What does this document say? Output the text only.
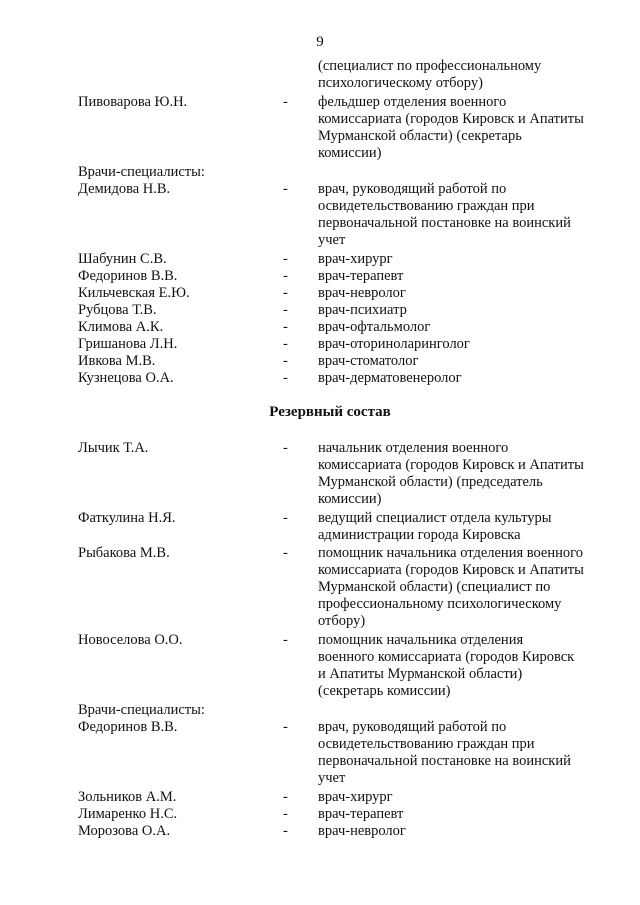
9
(специалист по профессиональному
психологическому отбору)
Пивоварова Ю.Н.	- фельдшер отделения военного
комиссариата (городов Кировск и Апатиты
Мурманской области) (секретарь
комиссии)
Врачи-специалисты:
Демидова Н.В.	- врач, руководящий работой по
освидетельствованию граждан при
первоначальной постановке на воинский
учет
Шабунин С.В.	- врач-хирург
Федоринов В.В.	- врач-терапевт
Кильчевская Е.Ю.	- врач-невролог
Рубцова Т.В.	- врач-психиатр
Климова А.К.	- врач-офтальмолог
Гришанова Л.Н.	- врач-оториноларинголог
Ивкова М.В.	- врач-стоматолог
Кузнецова О.А.	- врач-дерматовенеролог
Резервный состав
Лычик Т.А.	- начальник отделения военного
комиссариата (городов Кировск и Апатиты
Мурманской области) (председатель
комиссии)
Фаткулина Н.Я.	- ведущий специалист отдела культуры
администрации города Кировска
Рыбакова М.В.	- помощник начальника отделения военного
комиссариата (городов Кировск и Апатиты
Мурманской области) (специалист по
профессиональному психологическому
отбору)
Новоселова О.О.	- помощник начальника отделения
военного комиссариата (городов Кировск
и Апатиты Мурманской области)
(секретарь комиссии)
Врачи-специалисты:
Федоринов В.В.	- врач, руководящий работой по
освидетельствованию граждан при
первоначальной постановке на воинский
учет
Зольников А.М.	- врач-хирург
Лимаренко Н.С.	- врач-терапевт
Морозова О.А.	- врач-невролог
